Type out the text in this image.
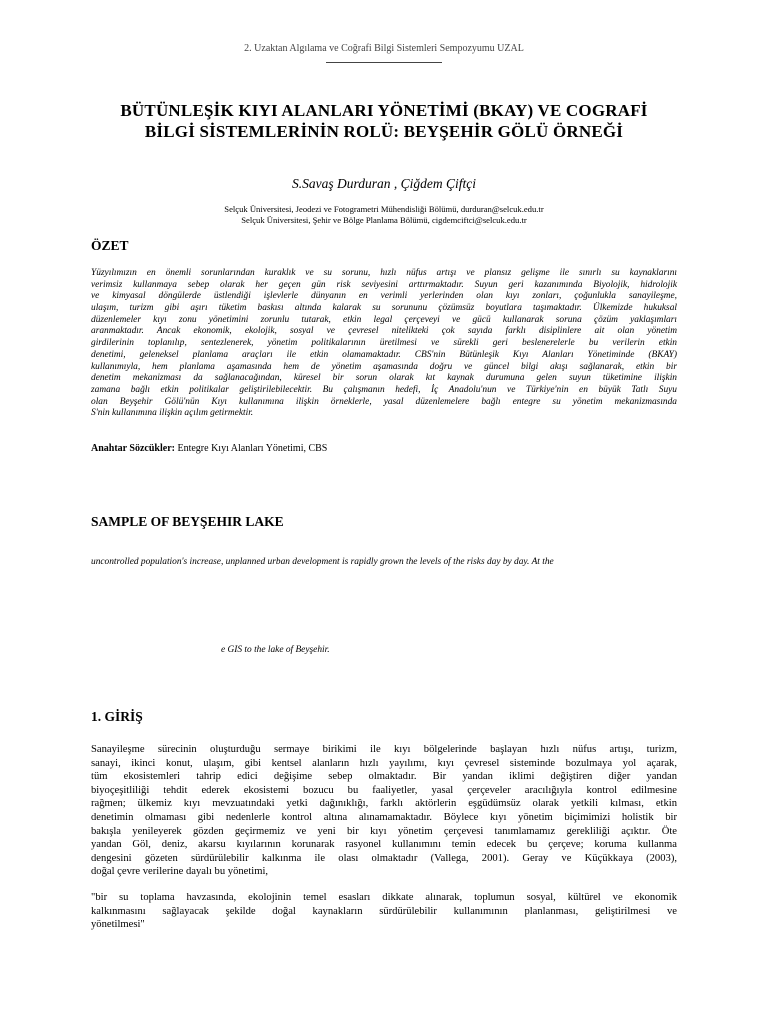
2. Uzaktan Algılama ve Coğrafi Bilgi Sistemleri Sempozyumu UZAL
BÜTÜNLEŞİK KIYI ALANLARI YÖNETİMİ (BKAY) VE COGRAFİ
BİLGİ SİSTEMLERİNİN ROLÜ: BEYŞEHİR GÖLÜ ÖRNEĞİ
S.Savaş Durduran , Çiğdem Çiftçi
Selçuk Üniversitesi, Jeodezi ve Fotogrametri Mühendisliği Bölümü, durduran@selcuk.edu.tr
Selçuk Üniversitesi, Şehir ve Bölge Planlama Bölümü, cigdemciftci@selcuk.edu.tr
ÖZET
Yüzyılımızın en önemli sorunlarından kuraklık ve su sorunu, hızlı nüfus artışı ve plansız gelişme ile sınırlı su kaynaklarını
verimsiz kullanmaya sebep olarak her geçen gün risk seviyesini arttırmaktadır. Suyun geri kazanımında Biyolojik, hidrolojik
ve kimyasal döngülerde üstlendiği işlevlerle dünyanın en verimli yerlerinden olan kıyı zonları, çoğunlukla sanayileşme,
ulaşım, turizm gibi aşırı tüketim baskısı altında kalarak su sorununu çözümsüz boyutlara taşımaktadır. Ülkemizde hukuksal
düzenlemeler kıyı zonu yönetimini zorunlu tutarak, etkin legal çerçeveyi ve gücü kullanarak soruna çözüm yaklaşımları
aranmaktadır. Ancak ekonomik, ekolojik, sosyal ve çevresel nitelikteki çok sayıda farklı disiplinlere ait olan yönetim
girdilerinin toplanılıp, sentezlenerek, yönetim politikalarının üretilmesi ve sürekli geri beslenerelerle bu verilerin etkin
denetimi, geleneksel planlama araçları ile etkin olamamaktadır. CBS'nin Bütünleşik Kıyı Alanları Yönetiminde (BKAY)
kullanımıyla, hem planlama aşamasında hem de yönetim aşamasında doğru ve güncel bilgi akışı sağlanarak, etkin bir
denetim mekanizması da sağlanacağından, küresel bir sorun olarak kıt kaynak durumuna gelen suyun tüketimine ilişkin
zamana bağlı etkin politikalar geliştirilebilecektir. Bu çalışmanın hedefi, İç Anadolu'nun ve Türkiye'nin en büyük Tatlı Suyu
olan Beyşehir Gölü'nün Kıyı kullanımına ilişkin örneklerle, yasal düzenlemelere bağlı entegre su yönetim mekanizmasında
S'nin kullanımına ilişkin açılım getirmektir.
Anahtar Sözcükler: Entegre Kıyı Alanları Yönetimi, CBS
SAMPLE OF BEYŞEHIR LAKE
uncontrolled population's increase, unplanned urban development is rapidly grown the levels of the risks day by day. At the
e GIS to the lake of Beyşehir.
1. GİRİŞ
Sanayileşme sürecinin oluşturduğu sermaye birikimi ile kıyı bölgelerinde başlayan hızlı nüfus artışı, turizm,
sanayi, ikinci konut, ulaşım, gibi kentsel alanların hızlı yayılımı, kıyı çevresel sisteminde bozulmaya yol açarak,
tüm ekosistemleri tahrip edici değişime sebep olmaktadır. Bir yandan iklimi değiştiren diğer yandan
biyoçeşitliliği tehdit ederek ekosistemi bozucu bu faaliyetler, yasal çerçeveler aracılığıyla kontrol edilmesine
rağmen; ülkemiz kıyı mevzuatındaki yetki dağınıklığı, farklı aktörlerin eşgüdümsüz olarak yetkili kılması, etkin
denetimin olmaması gibi nedenlerle kontrol altına alınamamaktadır. Böylece kıyı yönetim biçimimizi holistik bir
bakışla yenileyerek gözden geçirmemiz ve yeni bir kıyı yönetim çerçevesi tanımlamamız gerekliliği açıktır. Öte
yandan Göl, deniz, akarsu kıyılarının korunarak rasyonel kullanımını temin edecek bu çerçeve; koruma kullanma
dengesini gözeten sürdürülebilir kalkınma ile olası olmaktadır (Vallega, 2001). Geray ve Küçükkaya (2003),
doğal çevre verilerine dayalı bu yönetimi,
"bir su toplama havzasında, ekolojinin temel esasları dikkate alınarak, toplumun sosyal, kültürel ve ekonomik
kalkınmasını sağlayacak şekilde doğal kaynakların sürdürülebilir kullanımının planlanması, geliştirilmesi ve
yönetilmesi"
